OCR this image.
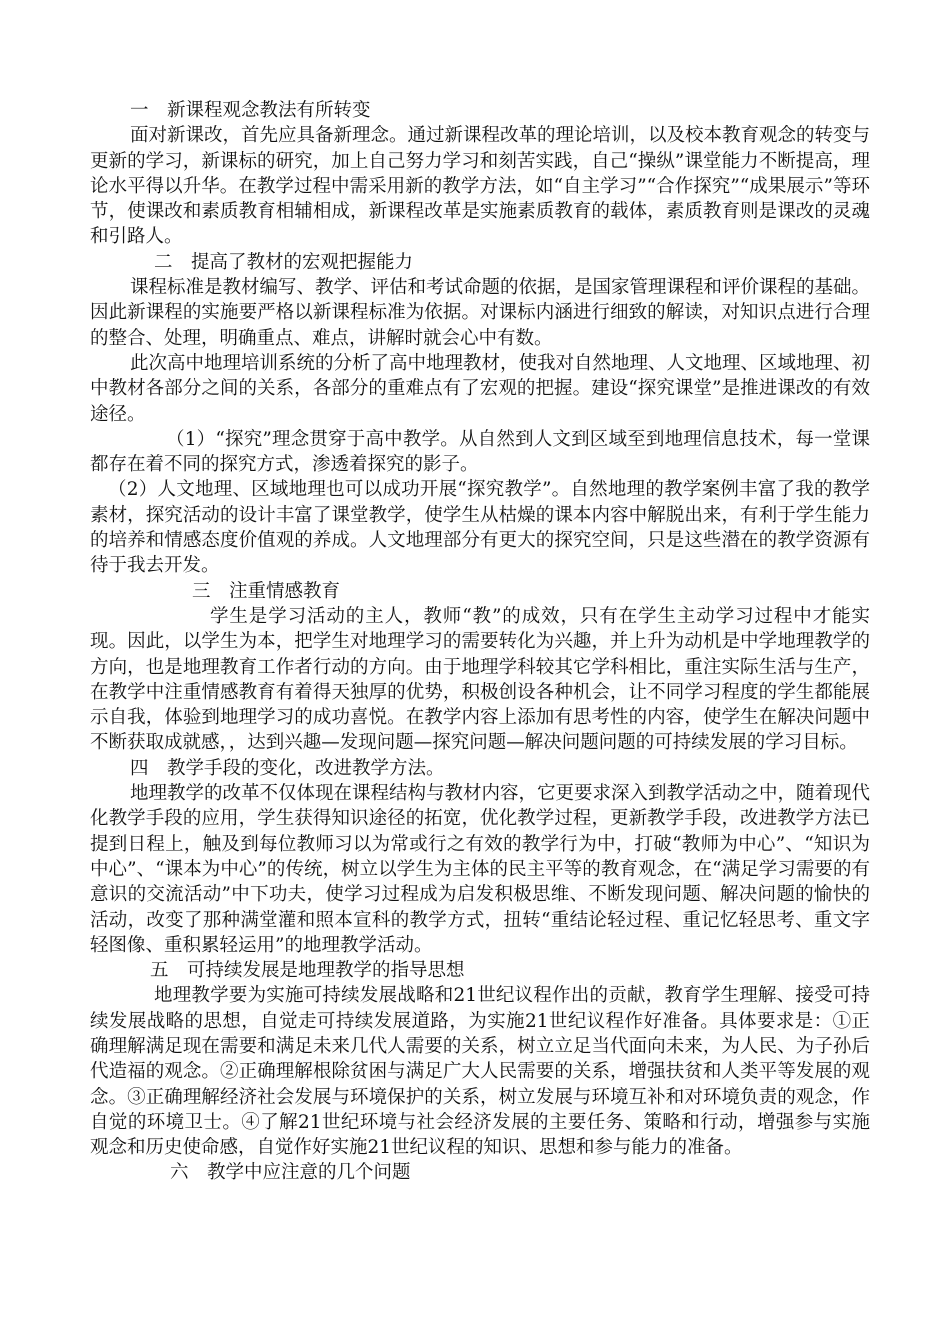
一　新课程观念教法有所转变

面对新课改，首先应具备新理念。通过新课程改革的理论培训，以及校本教育观念的转变与更新的学习，新课标的研究，加上自己努力学习和刻苦实践，自己“操纵”课堂能力不断提高，理论水平得以升华。在教学过程中需采用新的教学方法，如“自主学习”“合作探究”“成果展示”等环节，使课改和素质教育相辅相成，新课程改革是实施素质教育的载体，素质教育则是课改的灵魂和引路人。

二　提高了教材的宏观把握能力

课程标准是教材编写、教学、评估和考试命题的依据，是国家管理课程和评价课程的基础。因此新课程的实施要严格以新课程标准为依据。对课标内涵进行细致的解读，对知识点进行合理的整合、处理，明确重点、难点，讲解时就会心中有数。

此次高中地理培训系统的分析了高中地理教材，使我对自然地理、人文地理、区域地理、初中教材各部分之间的关系，各部分的重难点有了宏观的把握。建设“探究课堂”是推进课改的有效途径。

（1）“探究”理念贯穿于高中教学。从自然到人文到区域至到地理信息技术，每一堂课都存在着不同的探究方式，渗透着探究的影子。

（2）人文地理、区域地理也可以成功开展“探究教学”。自然地理的教学案例丰富了我的教学素材，探究活动的设计丰富了课堂教学，使学生从枯燥的课本内容中解脱出来，有利于学生能力的培养和情感态度价值观的养成。人文地理部分有更大的探究空间，只是这些潜在的教学资源有待于我去开发。

三　注重情感教育

学生是学习活动的主人，教师“教”的成效，只有在学生主动学习过程中才能实现。因此，以学生为本，把学生对地理学习的需要转化为兴趣，并上升为动机是中学地理教学的方向，也是地理教育工作者行动的方向。由于地理学科较其它学科相比，重注实际生活与生产，在教学中注重情感教育有着得天独厚的优势，积极创设各种机会，让不同学习程度的学生都能展示自我，体验到地理学习的成功喜悦。在教学内容上添加有思考性的内容，使学生在解决问题中不断获取成就感，，达到兴趣—发现问题—探究问题—解决问题问题的可持续发展的学习目标。

四　教学手段的变化，改进教学方法。

地理教学的改革不仅体现在课程结构与教材内容，它更要求深入到教学活动之中，随着现代化教学手段的应用，学生获得知识途径的拓宽，优化教学过程，更新教学手段，改进教学方法已提到日程上，触及到每位教师习以为常或行之有效的教学行为中，打破“教师为中心”、“知识为中心”、“课本为中心”的传统，树立以学生为主体的民主平等的教育观念，在“满足学习需要的有意识的交流活动”中下功夫，使学习过程成为启发积极思维、不断发现问题、解决问题的愉快的活动，改变了那种满堂灌和照本宣科的教学方式，扭转“重结论轻过程、重记忆轻思考、重文字轻图像、重积累轻运用”的地理教学活动。

五　可持续发展是地理教学的指导思想

地理教学要为实施可持续发展战略和21世纪议程作出的贡献，教育学生理解、接受可持续发展战略的思想，自觉走可持续发展道路，为实施21世纪议程作好准备。具体要求是：①正确理解满足现在需要和满足未来几代人需要的关系，树立立足当代面向未来，为人民、为子孙后代造福的观念。②正确理解根除贫困与满足广大人民需要的关系，增强扶贫和人类平等发展的观念。③正确理解经济社会发展与环境保护的关系，树立发展与环境互补和对环境负责的观念，作自觉的环境卫士。④了解21世纪环境与社会经济发展的主要任务、策略和行动，增强参与实施观念和历史使命感，自觉作好实施21世纪议程的知识、思想和参与能力的准备。

六　教学中应注意的几个问题
